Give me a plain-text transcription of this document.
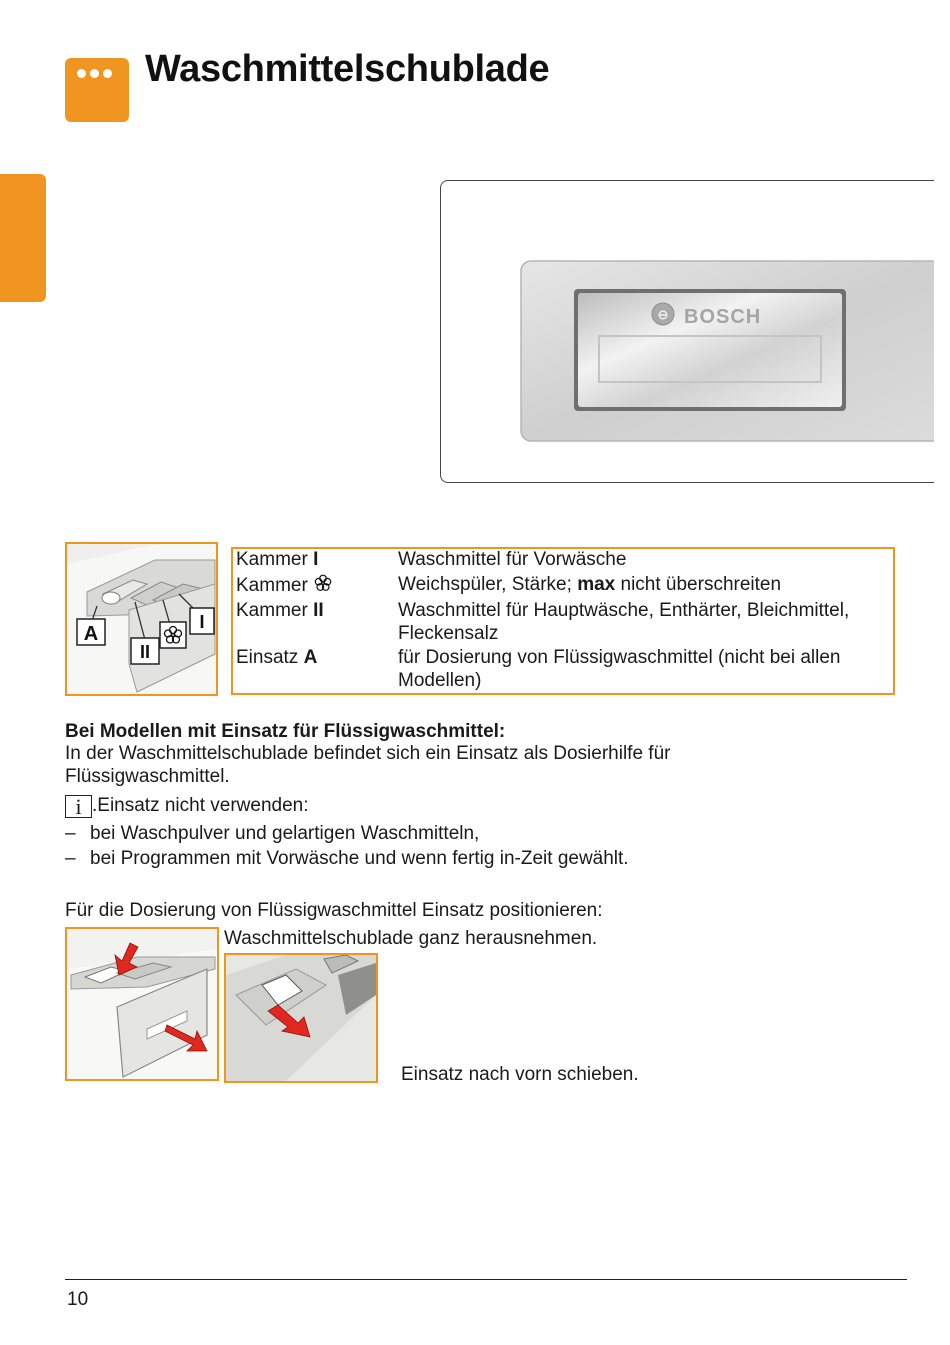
Waschmittelschublade
⊖ BOSCH
A
II
I
Kammer I	Waschmittel für Vorwäsche
Kammer	Weichspüler, Stärke; max nicht überschreiten
Kammer II	Waschmittel für Hauptwäsche, Enthärter, Bleichmittel,
Fleckensalz
Einsatz A	für Dosierung von Flüssigwaschmittel (nicht bei allen
Modellen)
Bei Modellen mit Einsatz für Flüssigwaschmittel:
In der Waschmittelschublade befindet sich ein Einsatz als Dosierhilfe für
Flüssigwaschmittel.
i .Einsatz nicht verwenden:
– bei Waschpulver und gelartigen Waschmitteln,
– bei Programmen mit Vorwäsche und wenn fertig in-Zeit gewählt.
Für die Dosierung von Flüssigwaschmittel Einsatz positionieren:
Waschmittelschublade ganz herausnehmen.
Einsatz nach vorn schieben.
10
